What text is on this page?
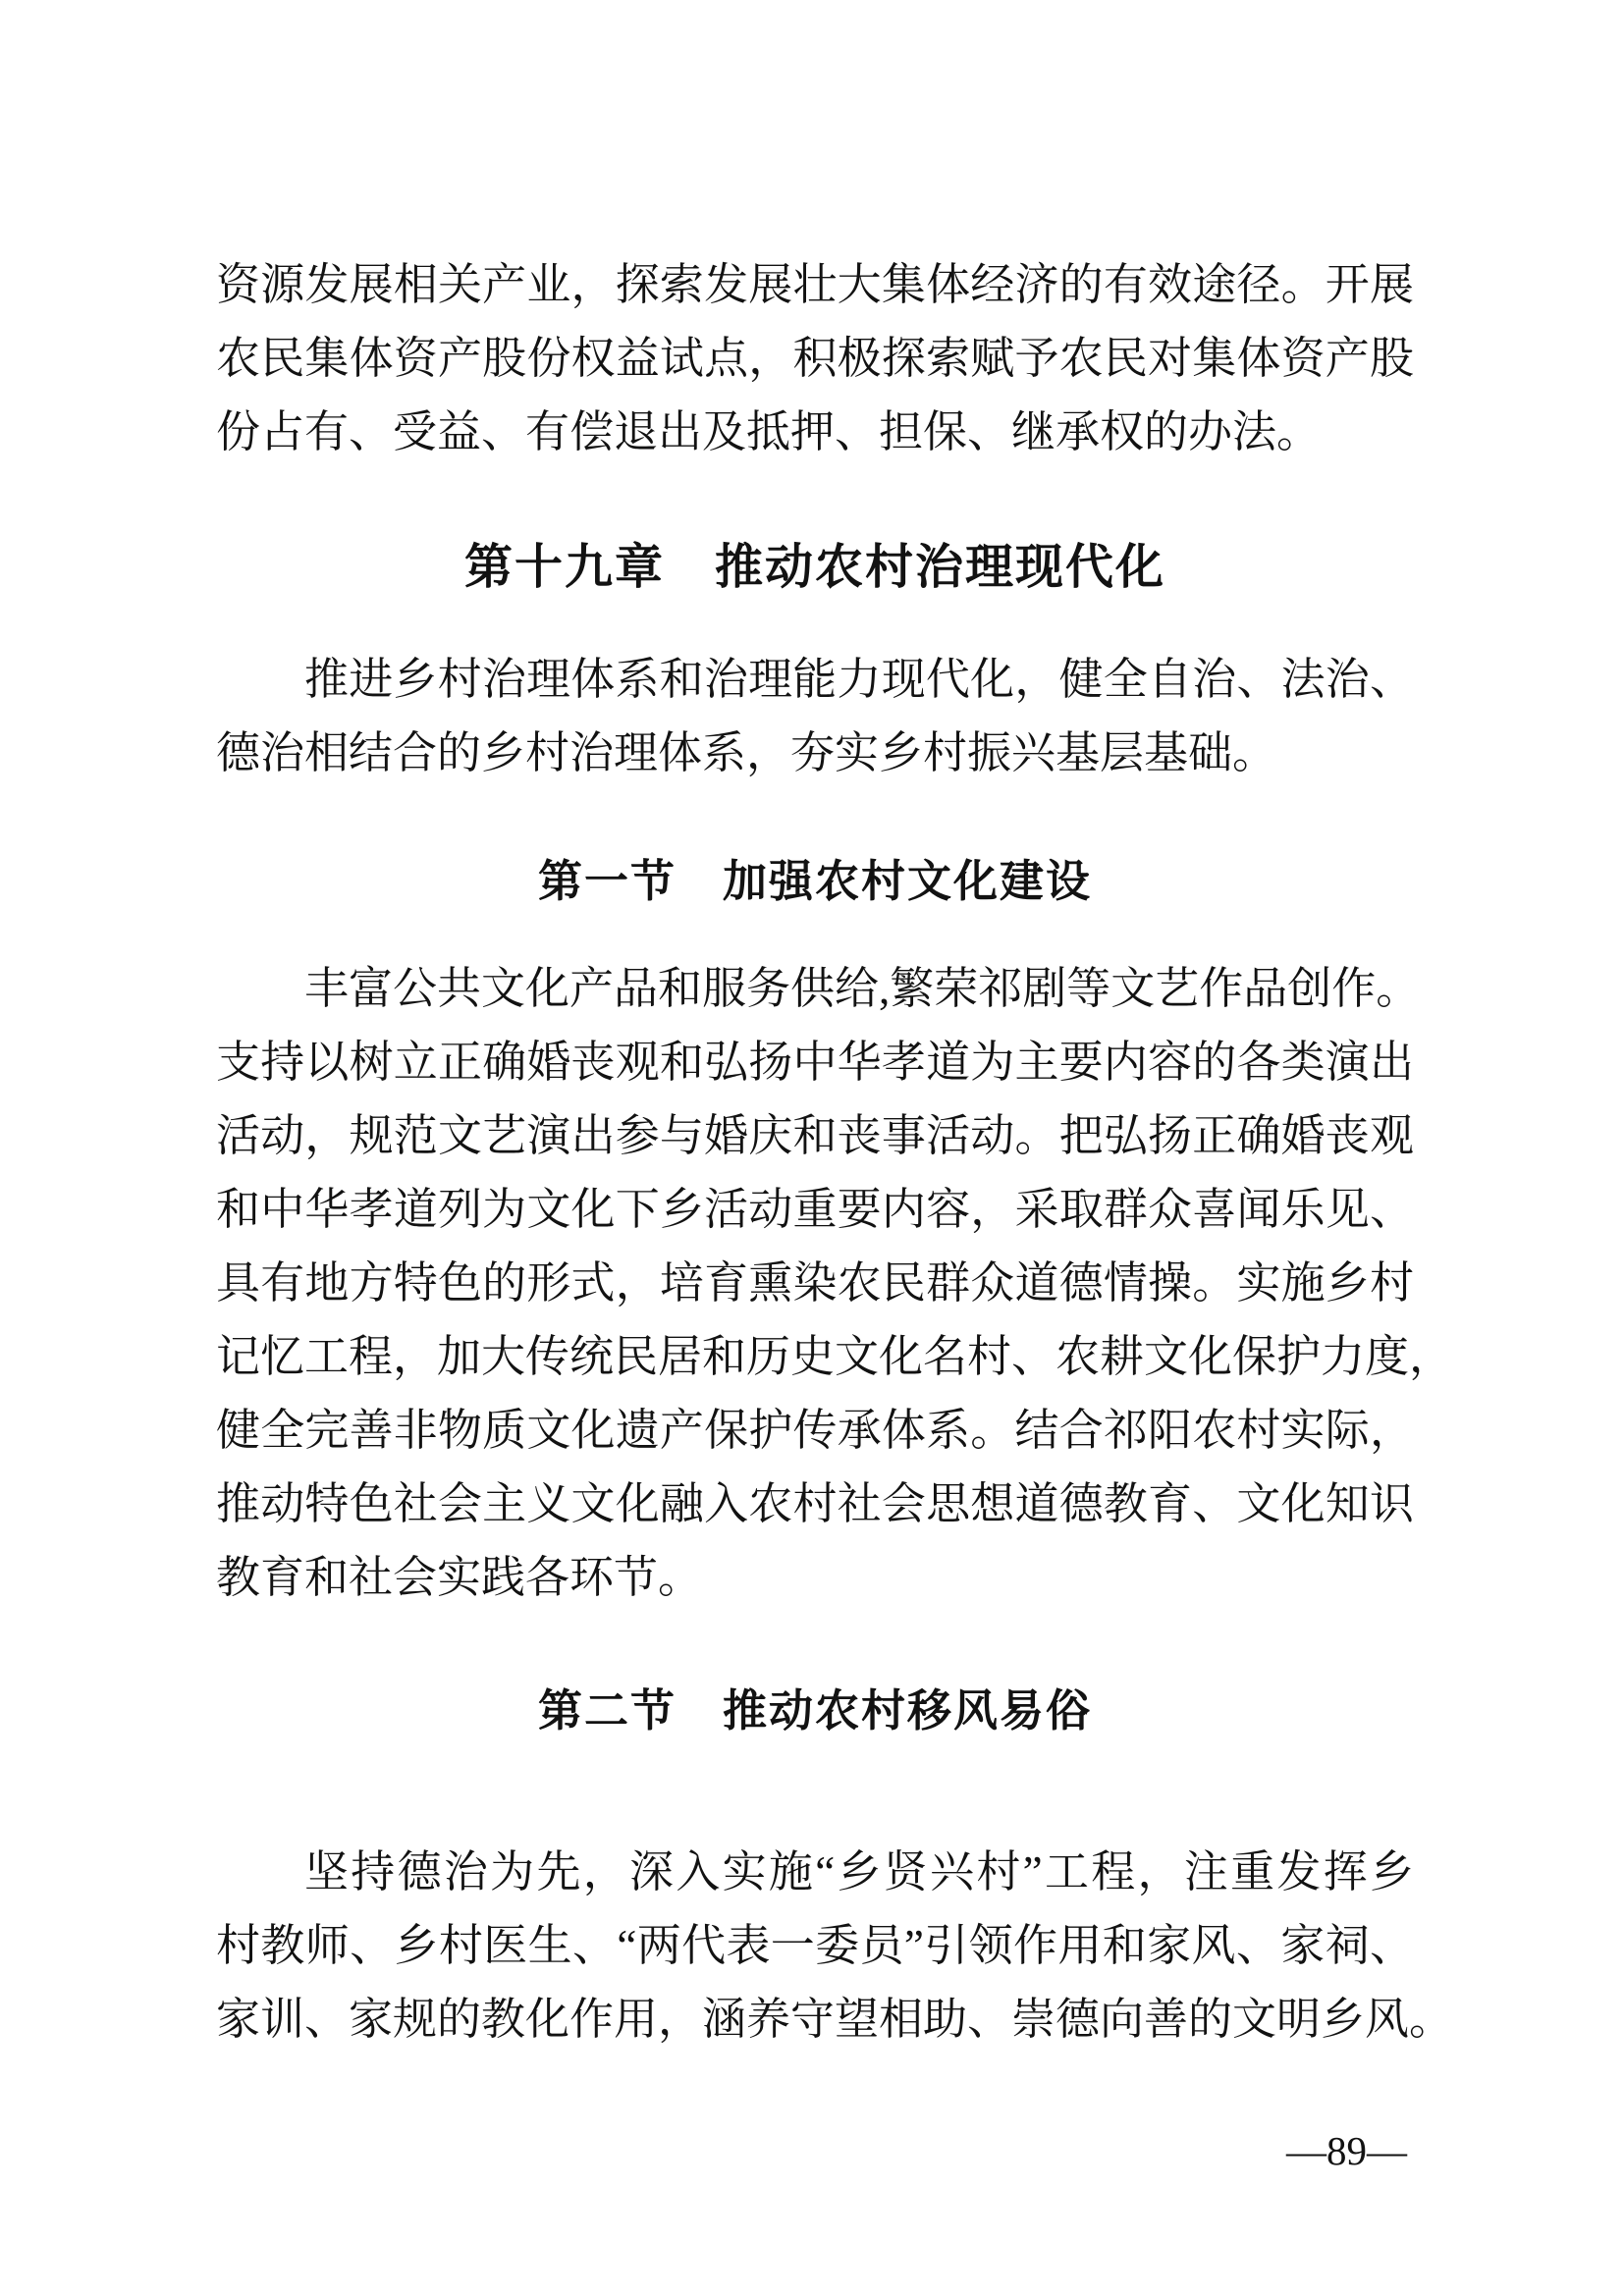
资源发展相关产业，探索发展壮大集体经济的有效途径。开展
农民集体资产股份权益试点，积极探索赋予农民对集体资产股
份占有、受益、有偿退出及抵押、担保、继承权的办法。
第十九章　推动农村治理现代化
推进乡村治理体系和治理能力现代化，健全自治、法治、
德治相结合的乡村治理体系，夯实乡村振兴基层基础。
第一节　加强农村文化建设
丰富公共文化产品和服务供给,繁荣祁剧等文艺作品创作。
支持以树立正确婚丧观和弘扬中华孝道为主要内容的各类演出
活动，规范文艺演出参与婚庆和丧事活动。把弘扬正确婚丧观
和中华孝道列为文化下乡活动重要内容，采取群众喜闻乐见、
具有地方特色的形式，培育熏染农民群众道德情操。实施乡村
记忆工程，加大传统民居和历史文化名村、农耕文化保护力度，
健全完善非物质文化遗产保护传承体系。结合祁阳农村实际，
推动特色社会主义文化融入农村社会思想道德教育、文化知识
教育和社会实践各环节。
第二节　推动农村移风易俗
坚持德治为先，深入实施“乡贤兴村”工程，注重发挥乡
村教师、乡村医生、“两代表一委员”引领作用和家风、家祠、
家训、家规的教化作用，涵养守望相助、崇德向善的文明乡风。
—89—
